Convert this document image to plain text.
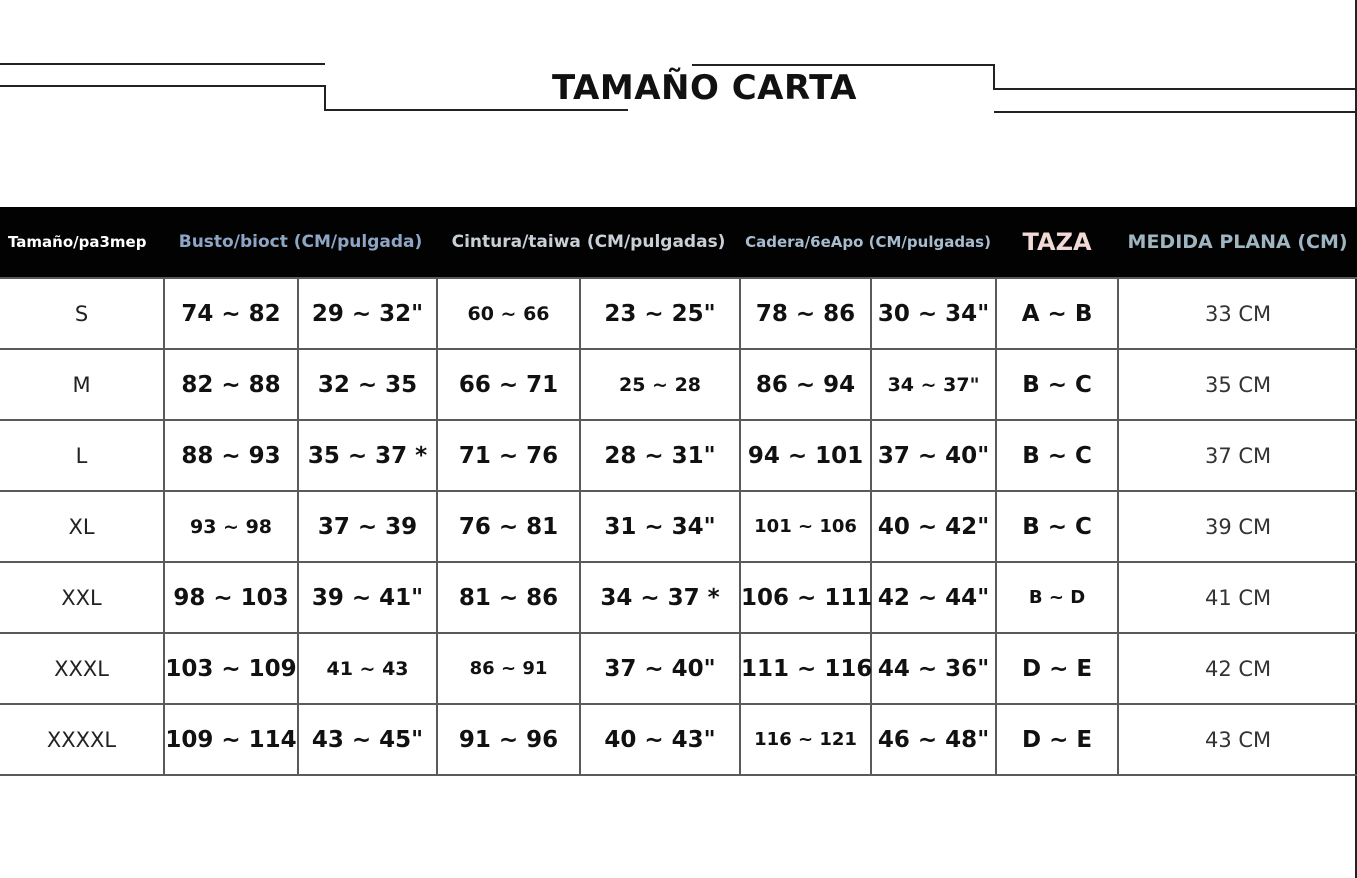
TAMAÑO CARTA
Tamaño/pa3mep	Busto/bioct (CM/pulgada)		Cintura/taiwa (CM/pulgadas)		Cadera/6eApo (CM/pulgadas)		TAZA	MEDIDA PLANA (CM)
S	74 ~ 82	29 ~ 32"	60 ~ 66	23 ~ 25"	78 ~ 86	30 ~ 34"	A ~ B	33 CM
M	82 ~ 88	32 ~ 35	66 ~ 71	25 ~ 28	86 ~ 94	34 ~ 37"	B ~ C	35 CM
L	88 ~ 93	35 ~ 37 *	71 ~ 76	28 ~ 31"	94 ~ 101	37 ~ 40"	B ~ C	37 CM
XL	93 ~ 98	37 ~ 39	76 ~ 81	31 ~ 34"	101 ~ 106	40 ~ 42"	B ~ C	39 CM
XXL	98 ~ 103	39 ~ 41"	81 ~ 86	34 ~ 37 *	106 ~ 111	42 ~ 44"	B ~ D	41 CM
XXXL	103 ~ 109	41 ~ 43	86 ~ 91	37 ~ 40"	111 ~ 116	44 ~ 36"	D ~ E	42 CM
XXXXL	109 ~ 114	43 ~ 45"	91 ~ 96	40 ~ 43"	116 ~ 121	46 ~ 48"	D ~ E	43 CM
